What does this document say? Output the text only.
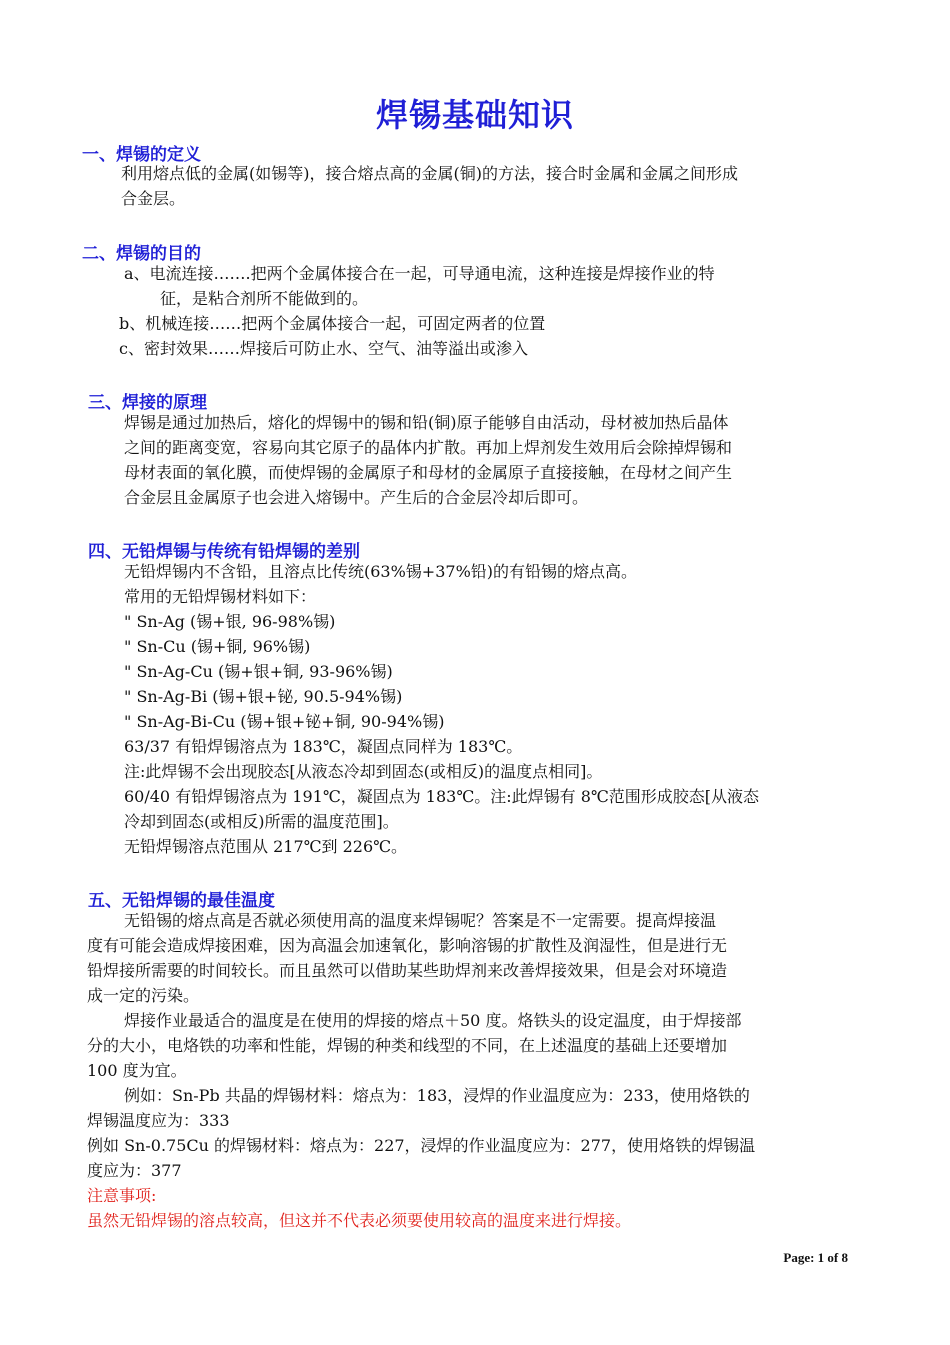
焊锡基础知识
一、焊锡的定义
利用熔点低的金属(如锡等)，接合熔点高的金属(铜)的方法，接合时金属和金属之间形成
合金层。
二、焊锡的目的
a、电流连接…….把两个金属体接合在一起，可导通电流，这种连接是焊接作业的特
征，是粘合剂所不能做到的。
b、机械连接……把两个金属体接合一起，可固定两者的位置
c、密封效果……焊接后可防止水、空气、油等溢出或渗入
三、焊接的原理
焊锡是通过加热后，熔化的焊锡中的锡和铅(铜)原子能够自由活动，母材被加热后晶体
之间的距离变宽，容易向其它原子的晶体内扩散。再加上焊剂发生效用后会除掉焊锡和
母材表面的氧化膜，而使焊锡的金属原子和母材的金属原子直接接触，在母材之间产生
合金层且金属原子也会进入熔锡中。产生后的合金层冷却后即可。
四、无铅焊锡与传统有铅焊锡的差别
无铅焊锡内不含铅，且溶点比传统(63%锡+37%铅)的有铅锡的熔点高。
常用的无铅焊锡材料如下：
" Sn-Ag (锡+银, 96-98%锡)
" Sn-Cu (锡+铜, 96%锡)
" Sn-Ag-Cu (锡+银+铜, 93-96%锡)
" Sn-Ag-Bi (锡+银+铋, 90.5-94%锡)
" Sn-Ag-Bi-Cu (锡+银+铋+铜, 90-94%锡)
63/37 有铅焊锡溶点为 183℃，凝固点同样为 183℃。
注:此焊锡不会出现胶态[从液态冷却到固态(或相反)的温度点相同]。
60/40 有铅焊锡溶点为 191℃，凝固点为 183℃。注:此焊锡有 8℃范围形成胶态[从液态
冷却到固态(或相反)所需的温度范围]。
无铅焊锡溶点范围从 217℃到 226℃。
五、无铅焊锡的最佳温度
无铅锡的熔点高是否就必须使用高的温度来焊锡呢？答案是不一定需要。提高焊接温
度有可能会造成焊接困难，因为高温会加速氧化，影响溶锡的扩散性及润湿性，但是进行无
铅焊接所需要的时间较长。而且虽然可以借助某些助焊剂来改善焊接效果，但是会对环境造
成一定的污染。
焊接作业最适合的温度是在使用的焊接的熔点＋50 度。烙铁头的设定温度，由于焊接部
分的大小，电烙铁的功率和性能，焊锡的种类和线型的不同，在上述温度的基础上还要增加
100 度为宜。
例如：Sn-Pb 共晶的焊锡材料：熔点为：183，浸焊的作业温度应为：233，使用烙铁的
焊锡温度应为：333
例如 Sn-0.75Cu 的焊锡材料：熔点为：227，浸焊的作业温度应为：277，使用烙铁的焊锡温
度应为：377
注意事项:
虽然无铅焊锡的溶点较高，但这并不代表必须要使用较高的温度来进行焊接。
Page: 1 of 8
